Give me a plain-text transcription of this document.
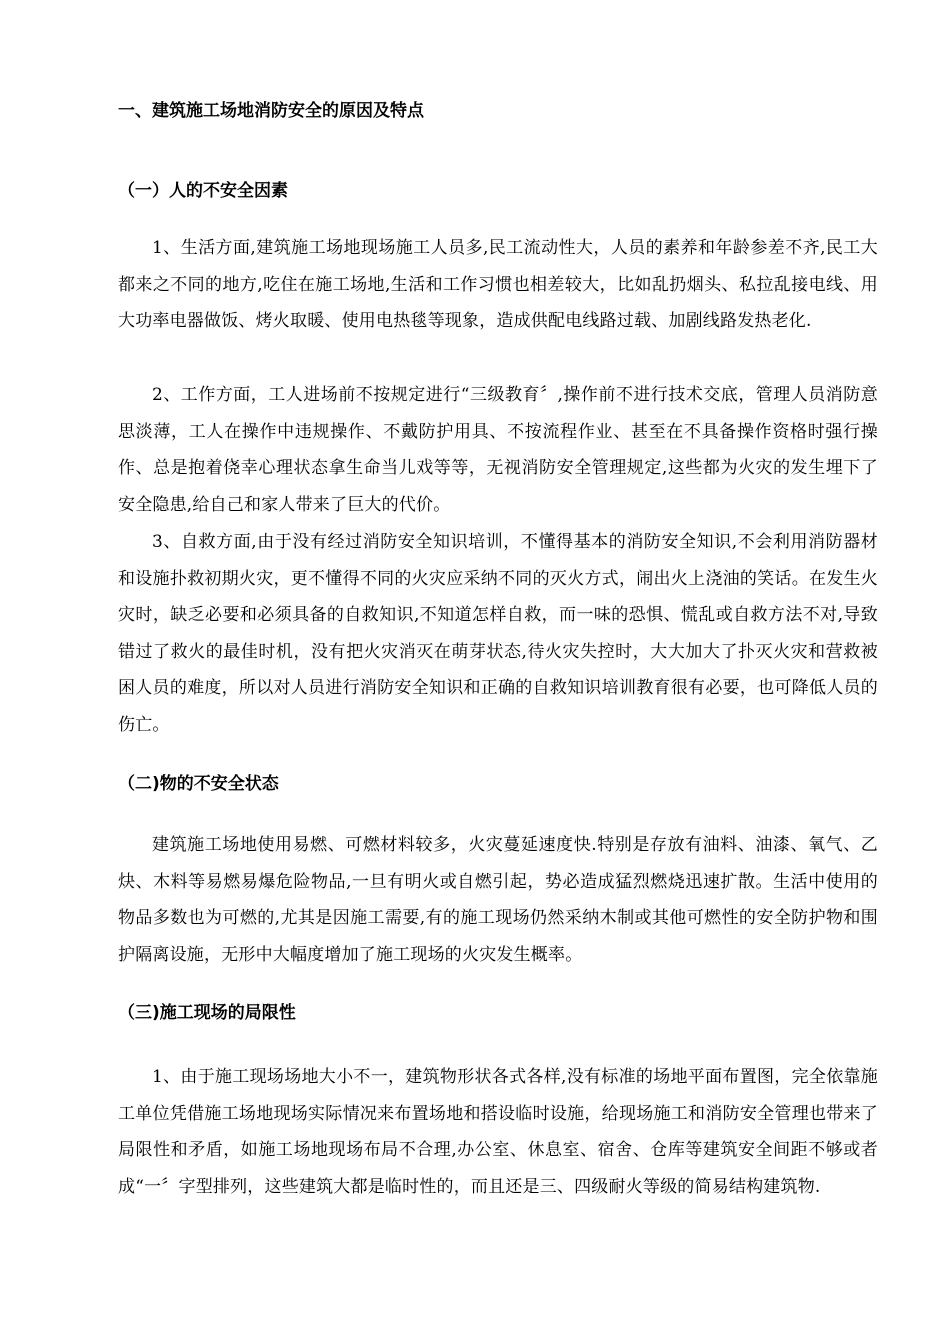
一、建筑施工场地消防安全的原因及特点
（一）人的不安全因素

1、生活方面,建筑施工场地现场施工人员多,民工流动性大，人员的素养和年龄参差不齐,民工大都来之不同的地方,吃住在施工场地,生活和工作习惯也相差较大，比如乱扔烟头、私拉乱接电线、用大功率电器做饭、烤火取暖、使用电热毯等现象，造成供配电线路过载、加剧线路发热老化.

2、工作方面，工人进场前不按规定进行“三级教育〞,操作前不进行技术交底，管理人员消防意思淡薄，工人在操作中违规操作、不戴防护用具、不按流程作业、甚至在不具备操作资格时强行操作、总是抱着侥幸心理状态拿生命当儿戏等等，无视消防安全管理规定,这些都为火灾的发生埋下了安全隐患,给自己和家人带来了巨大的代价。

3、自救方面,由于没有经过消防安全知识培训，不懂得基本的消防安全知识,不会利用消防器材和设施扑救初期火灾，更不懂得不同的火灾应采纳不同的灭火方式，闹出火上浇油的笑话。在发生火灾时，缺乏必要和必须具备的自救知识,不知道怎样自救，而一味的恐惧、慌乱或自救方法不对,导致错过了救火的最佳时机，没有把火灾消灭在萌芽状态,待火灾失控时，大大加大了扑灭火灾和营救被困人员的难度，所以对人员进行消防安全知识和正确的自救知识培训教育很有必要，也可降低人员的伤亡。

（二)物的不安全状态

建筑施工场地使用易燃、可燃材料较多，火灾蔓延速度快.特别是存放有油料、油漆、氧气、乙炔、木料等易燃易爆危险物品,一旦有明火或自燃引起，势必造成猛烈燃烧迅速扩散。生活中使用的物品多数也为可燃的,尤其是因施工需要,有的施工现场仍然采纳木制或其他可燃性的安全防护物和围护隔离设施，无形中大幅度增加了施工现场的火灾发生概率。

（三)施工现场的局限性

1、由于施工现场场地大小不一，建筑物形状各式各样,没有标准的场地平面布置图，完全依靠施工单位凭借施工场地现场实际情况来布置场地和搭设临时设施，给现场施工和消防安全管理也带来了局限性和矛盾，如施工场地现场布局不合理,办公室、休息室、宿舍、仓库等建筑安全间距不够或者成“一〞字型排列，这些建筑大都是临时性的，而且还是三、四级耐火等级的简易结构建筑物.
